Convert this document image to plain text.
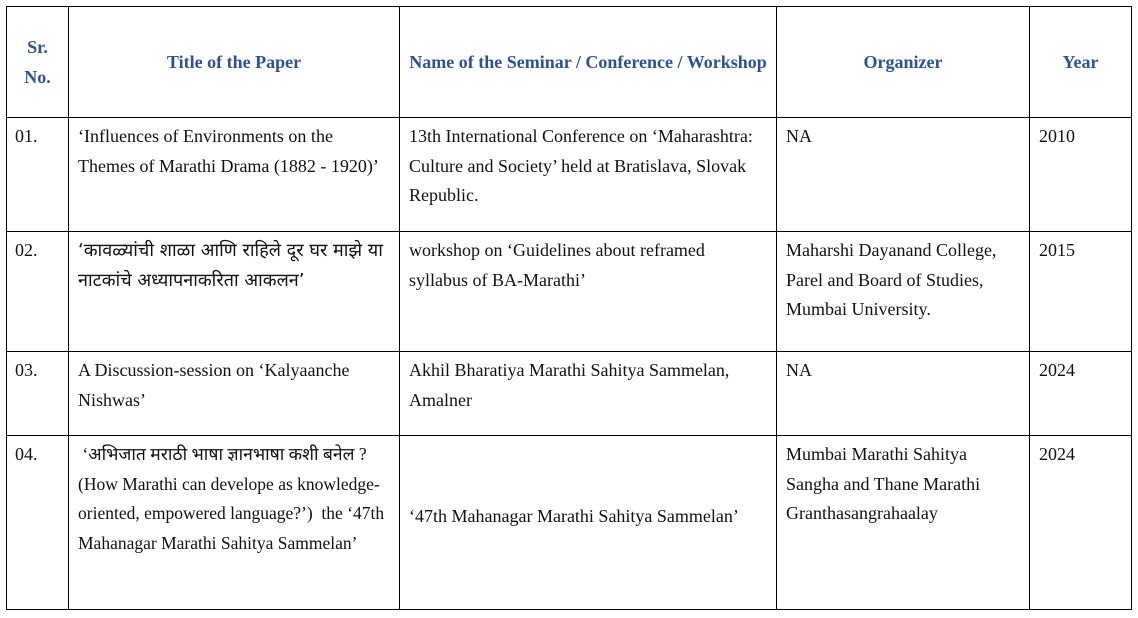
Sr. No.	Title of the Paper	Name of the Seminar / Conference / Workshop	Organizer	Year
01.	‘Influences of Environments on the Themes of Marathi Drama (1882 - 1920)’	13th International Conference on ‘Maharashtra: Culture and Society’ held at Bratislava, Slovak Republic.	NA	2010
02.	‘कावळ्यांची शाळा आणि राहिले दूर घर माझे या नाटकांचे अध्यापनाकरिता आकलन’	workshop on ‘Guidelines about reframed syllabus of BA-Marathi’	Maharshi Dayanand College, Parel and Board of Studies, Mumbai University.	2015
03.	A Discussion-session on ‘Kalyaanche Nishwas’	Akhil Bharatiya Marathi Sahitya Sammelan, Amalner	NA	2024
04.	‘अभिजात मराठी भाषा ज्ञानभाषा कशी बनेल ? (How Marathi can develope as knowledge-oriented, empowered language?’)  the ‘47th Mahanagar Marathi Sahitya Sammelan’	‘47th Mahanagar Marathi Sahitya Sammelan’	Mumbai Marathi Sahitya Sangha and Thane Marathi Granthasangrahaalay	2024
